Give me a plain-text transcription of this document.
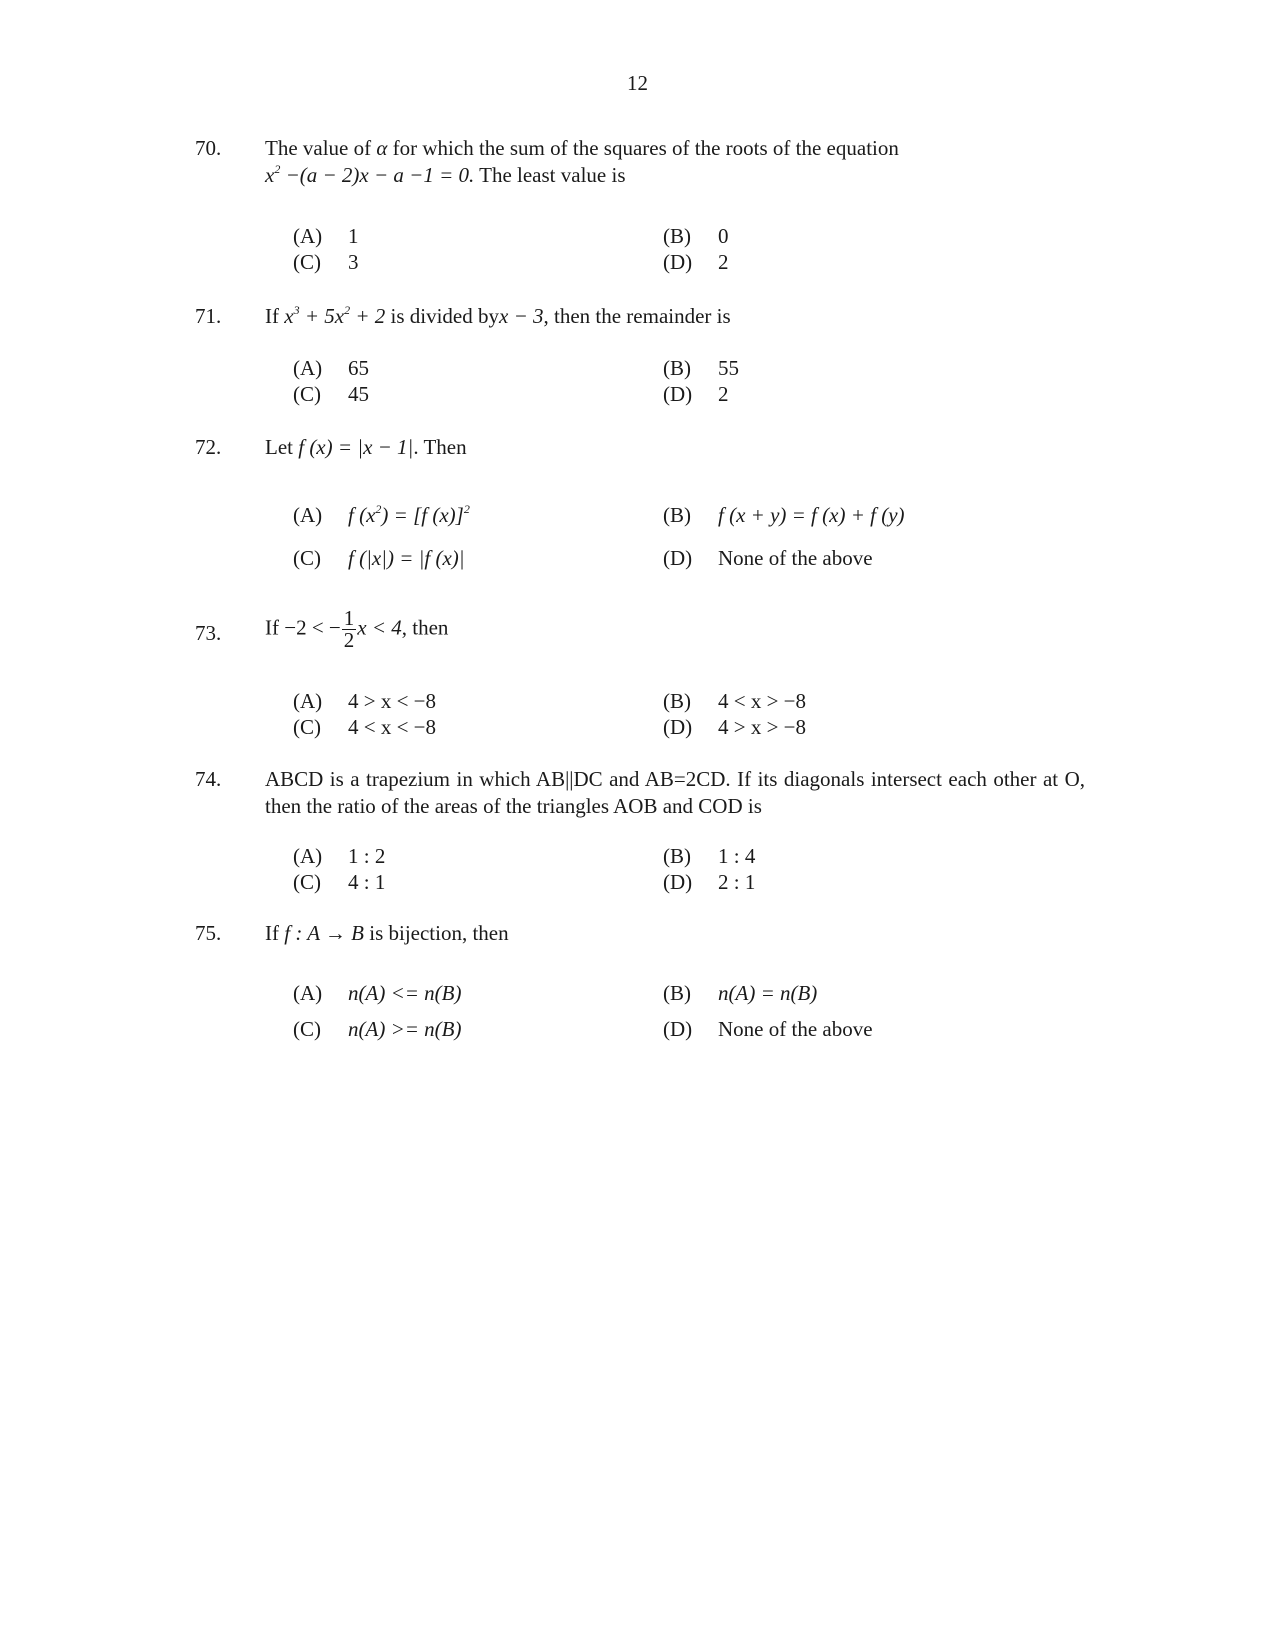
12
70. The value of α for which the sum of the squares of the roots of the equation
$x^2 -(a - 2)x - a -1 = 0$. The least value is
(A) 1	(B) 0
(C) 3	(D) 2
71. If $x^3 + 5x^2 + 2$ is divided byx − 3, then the remainder is
(A) 65	(B) 55
(C) 45	(D) 2
72. Let f (x) = |x − 1|. Then
(A) f $(x^2) = [f$ (x)]$^2$	(B) f (x + y) = f (x) + f (y)
(C) f (|x|) = |f (x)|	(D) None of the above
73. If −2 < − $\frac{1}{2}$ x < 4, then
(A) 4 > x < −8	(B) 4 < x > −8
(C) 4 < x < −8	(D) 4 > x > −8
74. ABCD is a trapezium in which AB||DC and AB=2CD. If its diagonals intersect each other at O, then the ratio of the areas of the triangles AOB and COD is
(A) 1 : 2	(B) 1 : 4
(C) 4 : 1	(D) 2 : 1
75. If f : A → B is bijection, then
(A) n(A) <= n(B)	(B) n(A) = n(B)
(C) n(A) >= n(B)	(D) None of the above
